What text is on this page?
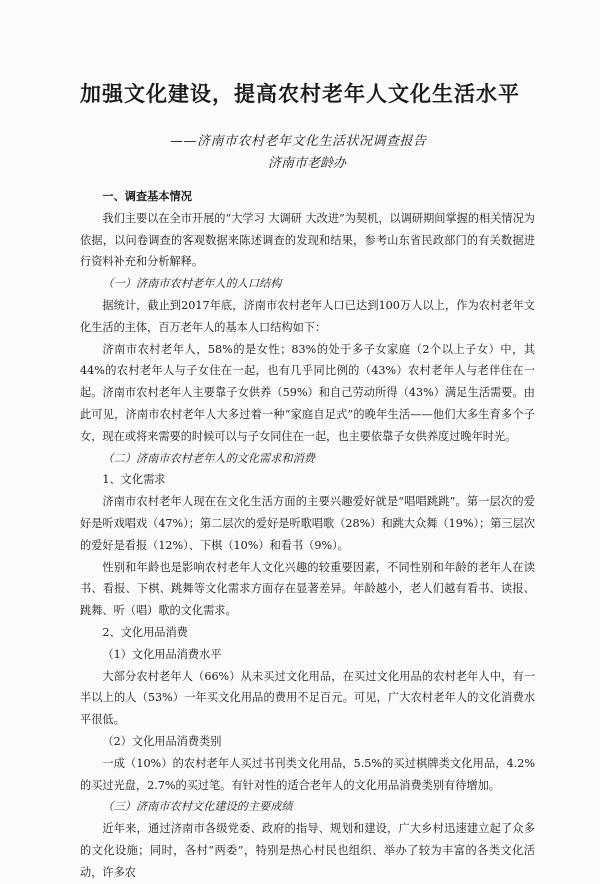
加强文化建设，提高农村老年人文化生活水平
——济南市农村老年文化生活状况调查报告
济南市老龄办

一、调查基本情况

我们主要以在全市开展的“大学习 大调研 大改进”为契机，以调研期间掌握的相关情况为依据，以问卷调查的客观数据来陈述调查的发现和结果，参考山东省民政部门的有关数据进行资料补充和分析解释。

（一）济南市农村老年人的人口结构

据统计，截止到2017年底，济南市农村老年人口已达到100万人以上，作为农村老年文化生活的主体，百万老年人的基本人口结构如下：

济南市农村老年人，58%的是女性；83%的处于多子女家庭（2个以上子女）中，其44%的农村老年人与子女住在一起，也有几乎同比例的（43%）农村老年人与老伴住在一起。济南市农村老年人主要靠子女供养（59%）和自己劳动所得（43%）满足生活需要。由此可见，济南市农村老年人大多过着一种“家庭自足式”的晚年生活——他们大多生育多个子女，现在或将来需要的时候可以与子女同住在一起，也主要依靠子女供养度过晚年时光。

（二）济南市农村老年人的文化需求和消费

1、文化需求

济南市农村老年人现在在文化生活方面的主要兴趣爱好就是“唱唱跳跳”。第一层次的爱好是听戏唱戏（47%）；第二层次的爱好是听歌唱歌（28%）和跳大众舞（19%）；第三层次的爱好是看报（12%）、下棋（10%）和看书（9%）。

性别和年龄也是影响农村老年人文化兴趣的较重要因素，不同性别和年龄的老年人在读书、看报、下棋、跳舞等文化需求方面存在显著差异。年龄越小，老人们越有看书、读报、跳舞、听（唱）歌的文化需求。

2、文化用品消费

（1）文化用品消费水平

大部分农村老年人（66%）从未买过文化用品，在买过文化用品的农村老年人中，有一半以上的人（53%）一年买文化用品的费用不足百元。可见，广大农村老年人的文化消费水平很低。

（2）文化用品消费类别

一成（10%）的农村老年人买过书刊类文化用品，5.5%的买过棋牌类文化用品，4.2%的买过光盘，2.7%的买过笔。有针对性的适合老年人的文化用品消费类别有待增加。

（三）济南市农村文化建设的主要成绩

近年来，通过济南市各级党委、政府的指导、规划和建设，广大乡村迅速建立起了众多的文化设施；同时，各村“两委”，特别是热心村民也组织、举办了较为丰富的各类文化活动，许多农
